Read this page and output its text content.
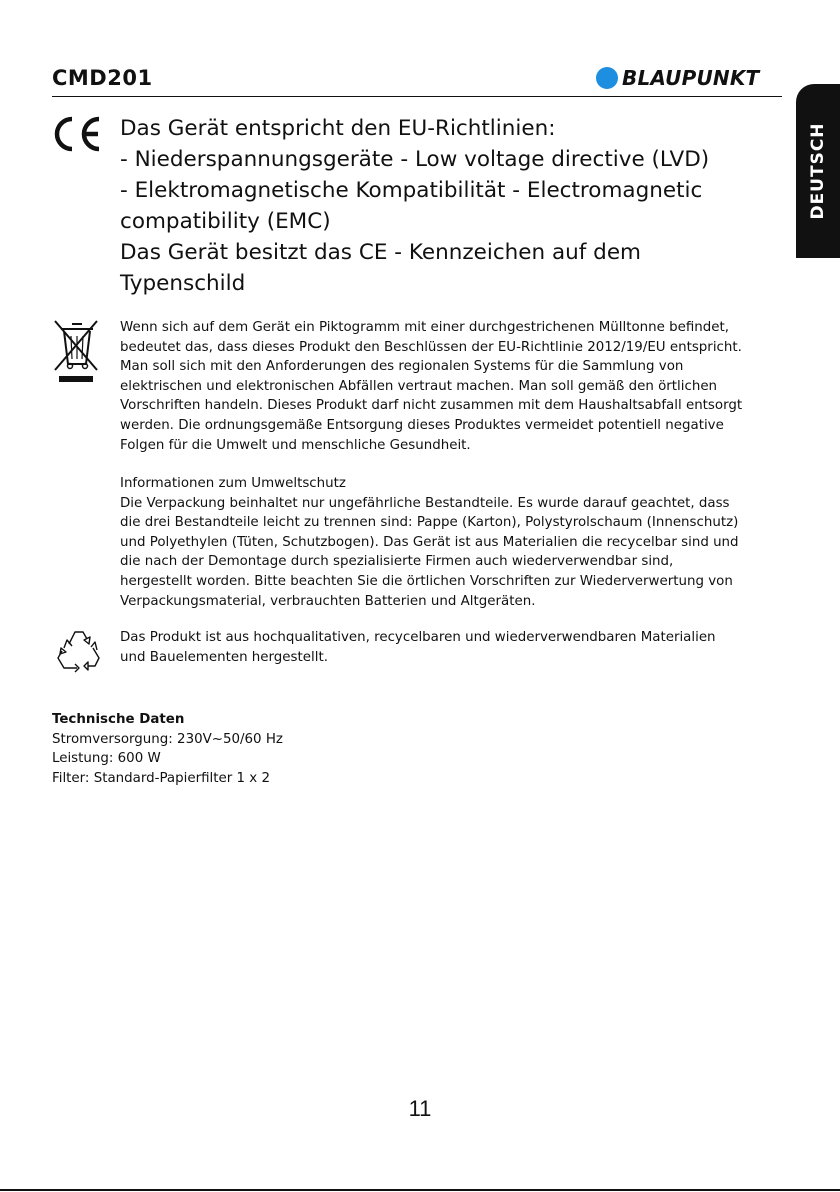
CMD201	BLAUPUNKT
DEUTSCH
Das Gerät entspricht den EU-Richtlinien:
- Niederspannungsgeräte - Low voltage directive (LVD)
- Elektromagnetische Kompatibilität - Electromagnetic
compatibility (EMC)
Das Gerät besitzt das CE - Kennzeichen auf dem
Typenschild
Wenn sich auf dem Gerät ein Piktogramm mit einer durchgestrichenen Mülltonne befindet,
bedeutet das, dass dieses Produkt den Beschlüssen der EU-Richtlinie 2012/19/EU entspricht.
Man soll sich mit den Anforderungen des regionalen Systems für die Sammlung von
elektrischen und elektronischen Abfällen vertraut machen. Man soll gemäß den örtlichen
Vorschriften handeln. Dieses Produkt darf nicht zusammen mit dem Haushaltsabfall entsorgt
werden. Die ordnungsgemäße Entsorgung dieses Produktes vermeidet potentiell negative
Folgen für die Umwelt und menschliche Gesundheit.
Informationen zum Umweltschutz
Die Verpackung beinhaltet nur ungefährliche Bestandteile. Es wurde darauf geachtet, dass
die drei Bestandteile leicht zu trennen sind: Pappe (Karton), Polystyrolschaum (Innenschutz)
und Polyethylen (Tüten, Schutzbogen). Das Gerät ist aus Materialien die recycelbar sind und
die nach der Demontage durch spezialisierte Firmen auch wiederverwendbar sind,
hergestellt worden. Bitte beachten Sie die örtlichen Vorschriften zur Wiederverwertung von
Verpackungsmaterial, verbrauchten Batterien und Altgeräten.
Das Produkt ist aus hochqualitativen, recycelbaren und wiederverwendbaren Materialien
und Bauelementen hergestellt.
Technische Daten
Stromversorgung: 230V~50/60 Hz
Leistung: 600 W
Filter: Standard-Papierfilter 1 x 2
11
